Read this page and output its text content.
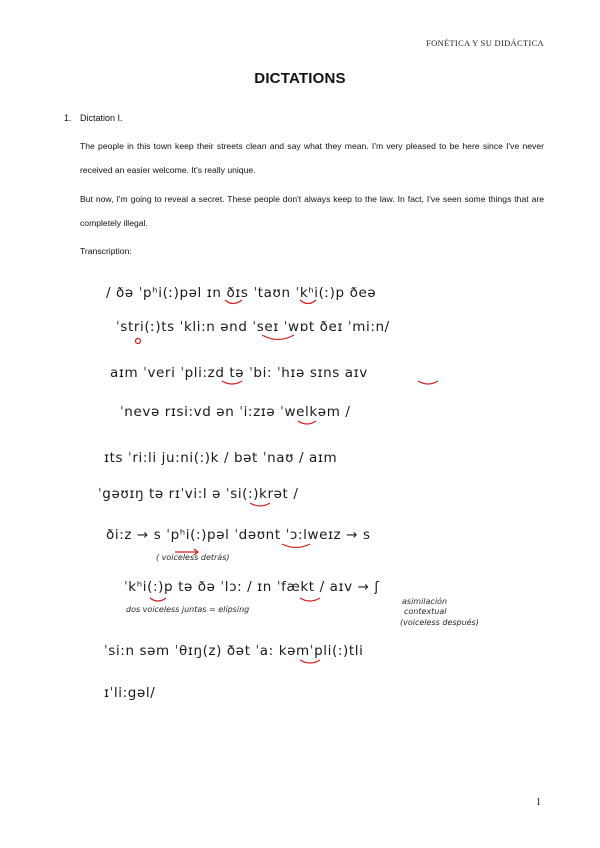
FONÉTICA Y SU DIDÁCTICA
DICTATIONS
1. Dictation I.
The people in this town keep their streets clean and say what they mean. I'm very pleased to be here since I've never received an easier welcome. It's really unique.
But now, I'm going to reveal a secret. These people don't always keep to the law. In fact, I've seen some things that are completely illegal.
Transcription:
/ ðə ˈpʰi(ː)pəl ɪn ðɪs ˈtaʊn ˈkʰi(ː)p ðeə
ˈstri(ː)ts ˈkli:n ənd ˈseɪ ˈwɒt ðeɪ ˈmi:n/
aɪm ˈveri ˈpli:zd tə ˈbi: ˈhɪə sɪns aɪv
ˈnevə rɪsi:vd ən ˈi:zɪə ˈwelkəm /
ɪts ˈri:li ju:ni(:)k / bət ˈnaʊ / aɪm
ˈgəʊɪŋ tə rɪˈvi:l ə ˈsi(:)krət /
ði:z → s ˈpʰi(:)pəl ˈdəʊnt ˈɔ:lweɪz → s
ˈkʰi(:)p tə ðə ˈlɔ: / ɪn ˈfækt / aɪv → ʃ
ˈsi:n səm ˈθɪŋ(z) ðət ˈa: kəmˈpli(:)tli
ɪˈli:gəl/
( voiceless detrás)
dos voiceless juntas = elipsing
asimilación
contextual
(voiceless después)
1
